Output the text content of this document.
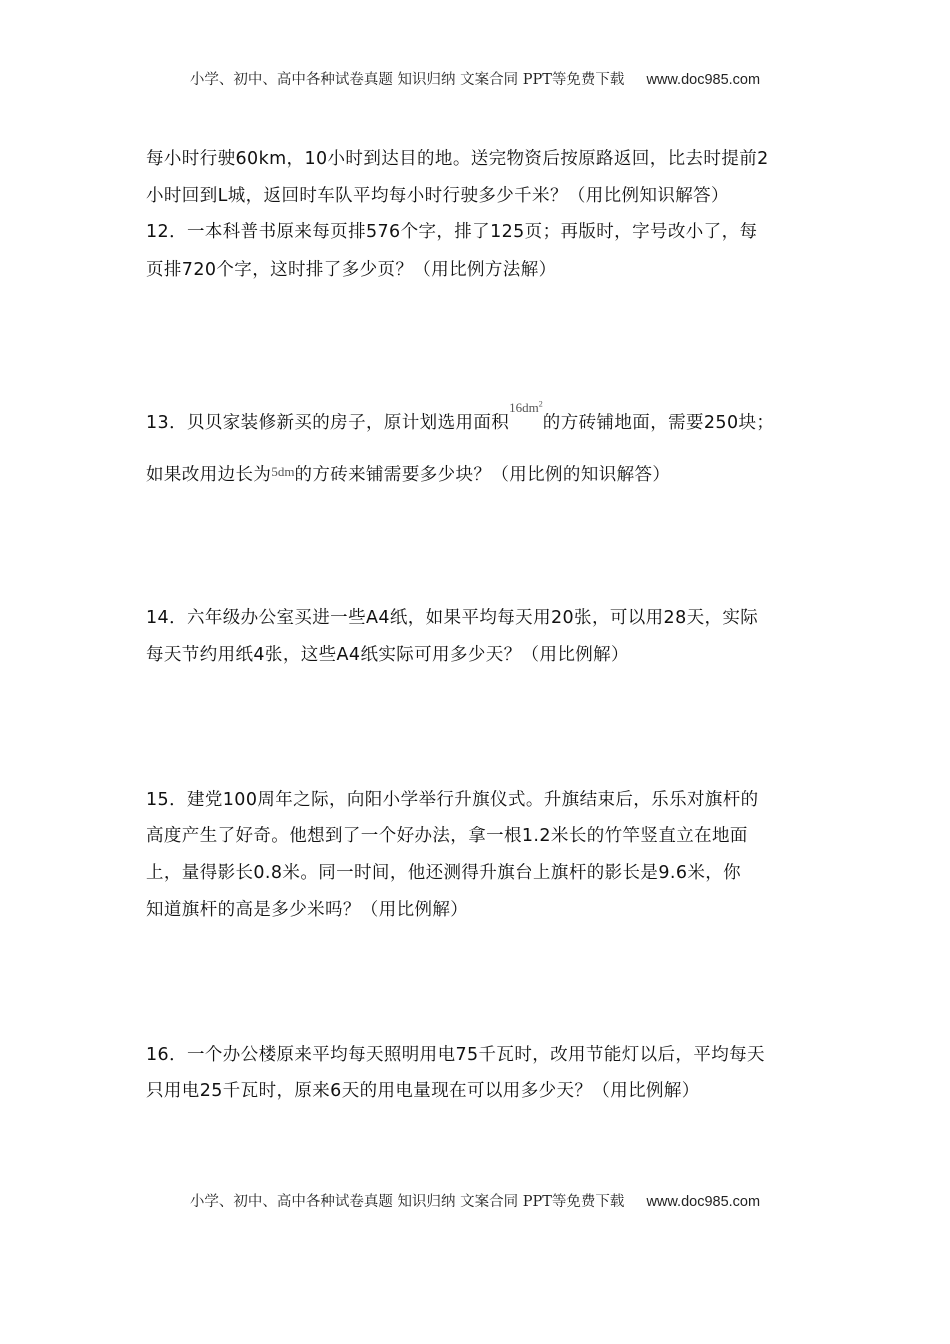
小学、初中、高中各种试卷真题 知识归纳 文案合同 PPT等免费下载 www.doc985.com
每小时行驶60km，10小时到达目的地。送完物资后按原路返回，比去时提前2
小时回到L城，返回时车队平均每小时行驶多少千米？（用比例知识解答）
12．一本科普书原来每页排576个字，排了125页；再版时，字号改小了，每
页排720个字，这时排了多少页？（用比例方法解）
13．贝贝家装修新买的房子，原计划选用面积$^{16dm^2}$的方砖铺地面，需要250块；
如果改用边长为$^{5dm}$的方砖来铺需要多少块？（用比例的知识解答）
14．六年级办公室买进一些A4纸，如果平均每天用20张，可以用28天，实际
每天节约用纸4张，这些A4纸实际可用多少天？（用比例解）
15．建党100周年之际，向阳小学举行升旗仪式。升旗结束后，乐乐对旗杆的
高度产生了好奇。他想到了一个好办法，拿一根1.2米长的竹竿竖直立在地面
上，量得影长0.8米。同一时间，他还测得升旗台上旗杆的影长是9.6米，你
知道旗杆的高是多少米吗？（用比例解）
16．一个办公楼原来平均每天照明用电75千瓦时，改用节能灯以后，平均每天
只用电25千瓦时，原来6天的用电量现在可以用多少天？（用比例解）
小学、初中、高中各种试卷真题 知识归纳 文案合同 PPT等免费下载 www.doc985.com
